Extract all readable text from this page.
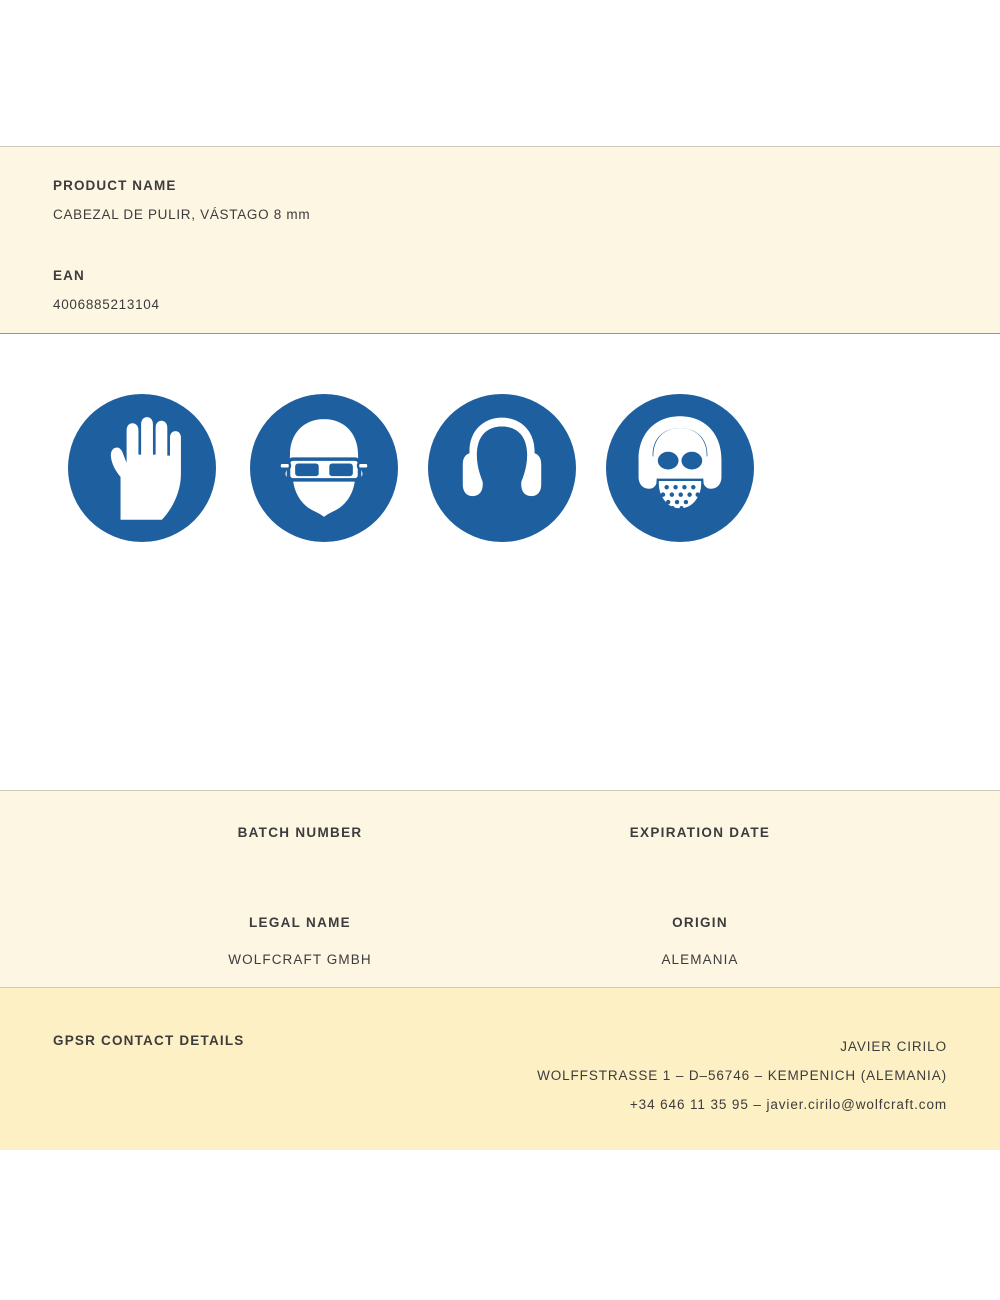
PRODUCT NAME
CABEZAL DE PULIR, VÁSTAGO 8 mm
EAN
4006885213104
BATCH NUMBER	EXPIRATION DATE
LEGAL NAME
WOLFCRAFT GMBH
ORIGIN
ALEMANIA
GPSR CONTACT DETAILS	JAVIER CIRILO
WOLFFSTRASSE 1 – D–56746 – KEMPENICH (ALEMANIA)
+34 646 11 35 95 – javier.cirilo@wolfcraft.com
